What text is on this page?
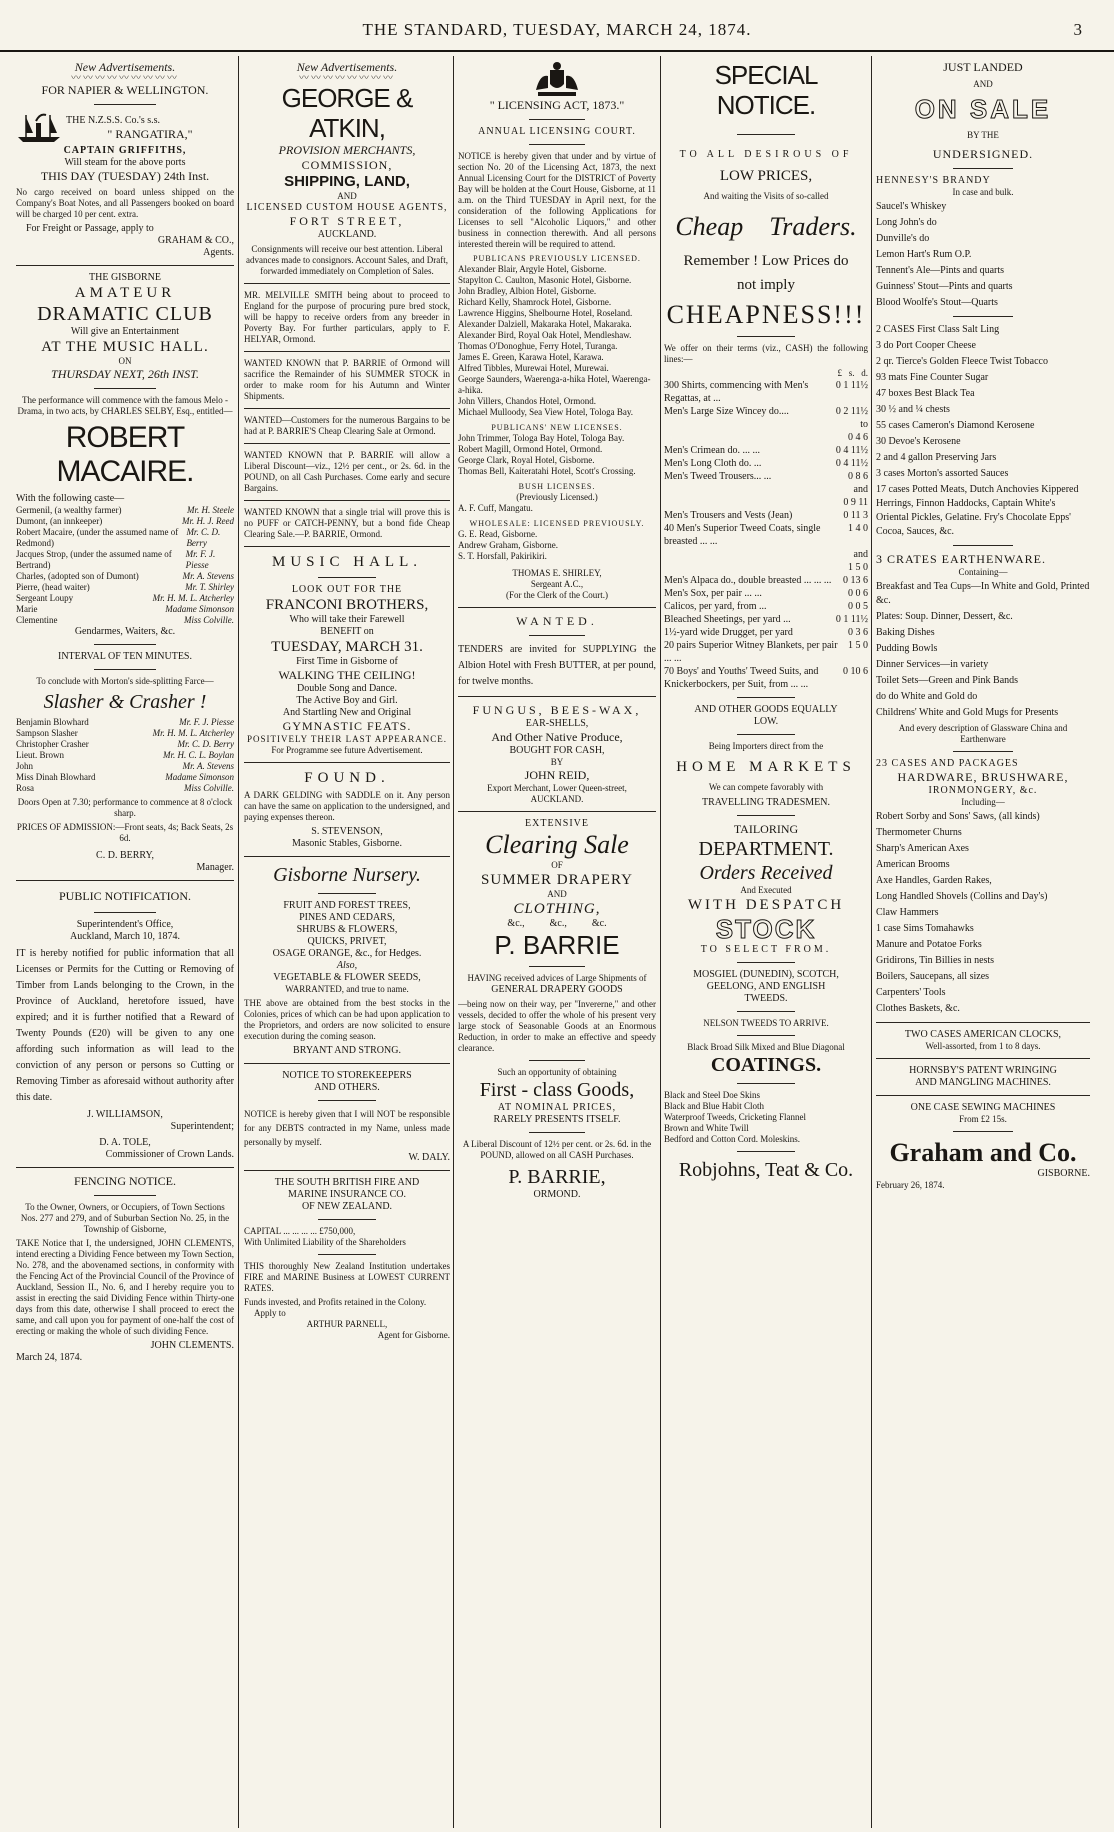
THE STANDARD, TUESDAY, MARCH 24, 1874.	3
New Advertisements.
〰〰〰〰〰〰〰〰〰
FOR NAPIER & WELLINGTON.
THE N.Z.S.S. Co.'s s.s.
" RANGATIRA,"
CAPTAIN GRIFFITHS,
Will steam for the above ports
THIS DAY (TUESDAY) 24th Inst.
No cargo received on board unless shipped on the Company's Boat Notes, and all Passengers booked on board will be charged 10 per cent. extra.
For Freight or Passage, apply to
GRAHAM & CO.,
Agents.
THE GISBORNE
AMATEUR
DRAMATIC CLUB
Will give an Entertainment
AT THE MUSIC HALL.
ON
THURSDAY NEXT, 26th INST.
The performance will commence with the famous Melo - Drama, in two acts, by CHARLES SELBY, Esq., entitled—
ROBERT MACAIRE.
With the following caste—
Germenil, (a wealthy farmer)	Mr. H. Steele
Dumont, (an innkeeper)	Mr. H. J. Reed
Robert Macaire, (under the assumed name of Redmond)
Mr. C. D. Berry
Jacques Strop, (under the assumed name of Bertrand)
Mr. F. J. Piesse
Charles, (adopted son of Dumont)	Mr. A. Stevens
Pierre, (head waiter)	Mr. T. Shirley
Sergeant Loupy	Mr. H. M. L. Atcherley
Marie	Madame Simonson
Clementine	Miss Colville.
Gendarmes, Waiters, &c.
INTERVAL OF TEN MINUTES.
To conclude with Morton's side-splitting Farce—
Slasher & Crasher !
Benjamin Blowhard	Mr. F. J. Piesse
Sampson Slasher	Mr. H. M. L. Atcherley
Christopher Crasher	Mr. C. D. Berry
Lieut. Brown	Mr. H. C. L. Boylan
John	Mr. A. Stevens
Miss Dinah Blowhard	Madame Simonson
Rosa	Miss Colville.
Doors Open at 7.30; performance to commence at 8 o'clock sharp.
PRICES OF ADMISSION:—Front seats, 4s; Back Seats, 2s 6d.
C. D. BERRY,
Manager.
PUBLIC NOTIFICATION.
Superintendent's Office,
Auckland, March 10, 1874.
IT is hereby notified for public information that all Licenses or Permits for the Cutting or Removing of Timber from Lands belonging to the Crown, in the Province of Auckland, heretofore issued, have expired; and it is further notified that a Reward of Twenty Pounds (£20) will be given to any one affording such information as will lead to the conviction of any person or persons so Cutting or Removing Timber as aforesaid without authority after this date.
J. WILLIAMSON,
Superintendent;
D. A. TOLE,
Commissioner of Crown Lands.
FENCING NOTICE.
To the Owner, Owners, or Occupiers, of Town Sections Nos. 277 and 279, and of Suburban Section No. 25, in the Township of Gisborne,
TAKE Notice that I, the undersigned, JOHN CLEMENTS, intend erecting a Dividing Fence between my Town Section, No. 278, and the abovenamed sections, in conformity with the Fencing Act of the Provincial Council of the Province of Auckland, Session II., No. 6, and I hereby require you to assist in erecting the said Dividing Fence within Thirty-one days from this date, otherwise I shall proceed to erect the same, and call upon you for payment of one-half the cost of erecting or making the whole of such dividing Fence.
JOHN CLEMENTS.
March 24, 1874.
New Advertisements.
〰〰〰〰〰〰〰〰
GEORGE & ATKIN,
PROVISION MERCHANTS,
COMMISSION,
SHIPPING, LAND,
AND
LICENSED CUSTOM HOUSE AGENTS,
FORT STREET,
AUCKLAND.
Consignments will receive our best attention. Liberal advances made to consignors. Account Sales, and Draft, forwarded immediately on Completion of Sales.
MR. MELVILLE SMITH being about to proceed to England for the purpose of procuring pure bred stock, will be happy to receive orders from any breeder in Poverty Bay. For further particulars, apply to F. HELYAR, Ormond.
WANTED KNOWN that P. BARRIE of Ormond will sacrifice the Remainder of his SUMMER STOCK in order to make room for his Autumn and Winter Shipments.
WANTED—Customers for the numerous Bargains to be had at P. BARRIE'S Cheap Clearing Sale at Ormond.
WANTED KNOWN that P. BARRIE will allow a Liberal Discount—viz., 12½ per cent., or 2s. 6d. in the POUND, on all Cash Purchases. Come early and secure Bargains.
WANTED KNOWN that a single trial will prove this is no PUFF or CATCH-PENNY, but a bond fide Cheap Clearing Sale.—P. BARRIE, Ormond.
MUSIC HALL.
LOOK OUT FOR THE
FRANCONI BROTHERS,
Who will take their Farewell
BENEFIT on
TUESDAY, MARCH 31.
First Time in Gisborne of
WALKING THE CEILING!
Double Song and Dance.
The Active Boy and Girl.
And Startling New and Original
GYMNASTIC FEATS.
POSITIVELY THEIR LAST APPEARANCE.
For Programme see future Advertisement.
FOUND.
A DARK GELDING with SADDLE on it. Any person can have the same on application to the undersigned, and paying expenses thereon.
S. STEVENSON,
Masonic Stables, Gisborne.
Gisborne Nursery.
FRUIT AND FOREST TREES,
PINES AND CEDARS,
SHRUBS & FLOWERS,
QUICKS, PRIVET,
OSAGE ORANGE, &c., for Hedges.
Also,
VEGETABLE & FLOWER SEEDS,
WARRANTED, and true to name.
THE above are obtained from the best stocks in the Colonies, prices of which can be had upon application to the Proprietors, and orders are now solicited to ensure execution during the coming season.
BRYANT AND STRONG.
NOTICE TO STOREKEEPERS
AND OTHERS.
NOTICE is hereby given that I will NOT be responsible for any DEBTS contracted in my Name, unless made personally by myself.
W. DALY.
THE SOUTH BRITISH FIRE AND
MARINE INSURANCE CO.
OF NEW ZEALAND.
CAPITAL ... ... ... ... £750,000,
With Unlimited Liability of the Shareholders
THIS thoroughly New Zealand Institution undertakes FIRE and MARINE Business at LOWEST CURRENT RATES.
Funds invested, and Profits retained in the Colony.
Apply to
ARTHUR PARNELL,
Agent for Gisborne.
" LICENSING ACT, 1873."
ANNUAL LICENSING COURT.
NOTICE is hereby given that under and by virtue of section No. 20 of the Licensing Act, 1873, the next Annual Licensing Court for the DISTRICT of Poverty Bay will be holden at the Court House, Gisborne, at 11 a.m. on the Third TUESDAY in April next, for the consideration of the following Applications for Licenses to sell "Alcoholic Liquors," and other business in connection therewith. And all persons interested therein will be required to attend.
PUBLICANS PREVIOUSLY LICENSED.
Alexander Blair, Argyle Hotel, Gisborne.
Stapylton C. Caulton, Masonic Hotel, Gisborne.
John Bradley, Albion Hotel, Gisborne.
Richard Kelly, Shamrock Hotel, Gisborne.
Lawrence Higgins, Shelbourne Hotel, Roseland.
Alexander Dalziell, Makaraka Hotel, Makaraka.
Alexander Bird, Royal Oak Hotel, Mendleshaw.
Thomas O'Donoghue, Ferry Hotel, Turanga.
James E. Green, Karawa Hotel, Karawa.
Alfred Tibbles, Murewai Hotel, Murewai.
George Saunders, Waerenga-a-hika Hotel, Waerenga-a-hika.
John Villers, Chandos Hotel, Ormond.
Michael Mulloody, Sea View Hotel, Tologa Bay.
PUBLICANS' NEW LICENSES.
John Trimmer, Tologa Bay Hotel, Tologa Bay.
Robert Magill, Ormond Hotel, Ormond.
George Clark, Royal Hotel, Gisborne.
Thomas Bell, Kaiteratahi Hotel, Scott's Crossing.
BUSH LICENSES.
(Previously Licensed.)
A. F. Cuff, Mangatu.
WHOLESALE: LICENSED PREVIOUSLY.
G. E. Read, Gisborne.
Andrew Graham, Gisborne.
S. T. Horsfall, Pakirikiri.
THOMAS E. SHIRLEY,
Sergeant A.C.,
(For the Clerk of the Court.)
WANTED.
TENDERS are invited for SUPPLYING the Albion Hotel with Fresh BUTTER, at per pound, for twelve months.
FUNGUS, BEES-WAX,
EAR-SHELLS,
And Other Native Produce,
BOUGHT FOR CASH,
BY
JOHN REID,
Export Merchant, Lower Queen-street,
AUCKLAND.
EXTENSIVE
Clearing Sale
OF
SUMMER DRAPERY
AND
CLOTHING,
&c.,          &c.,          &c.
P. BARRIE
HAVING received advices of Large Shipments of
GENERAL DRAPERY GOODS
—being now on their way, per "Invererne," and other vessels, decided to offer the whole of his present very large stock of Seasonable Goods at an Enormous Reduction, in order to make an effective and speedy clearance.
Such an opportunity of obtaining
First - class Goods,
AT NOMINAL PRICES,
RARELY PRESENTS ITSELF.
A Liberal Discount of 12½ per cent. or 2s. 6d. in the POUND, allowed on all CASH Purchases.
P. BARRIE,
ORMOND.
SPECIAL NOTICE.
TO ALL DESIROUS OF
LOW PRICES,
And waiting the Visits of so-called
Cheap    Traders.
Remember ! Low Prices do
not imply
CHEAPNESS!!!
We offer on their terms (viz., CASH) the following lines:—
£   s.   d.
300 Shirts, commencing with Men's Regattas, at ...
0 1 11½
Men's Large Size Wincey do....	0 2 11½
to
0 4 6
Men's Crimean do. ... ...	0 4 11½
Men's Long Cloth do. ...	0 4 11½
Men's Tweed Trousers... ...	0 8 6
and
0 9 11
Men's Trousers and Vests (Jean)	0 11 3
40 Men's Superior Tweed Coats, single breasted ... ...
1 4 0
and
1 5 0
Men's Alpaca do., double breasted ... ... ...	0 13 6
Men's Sox, per pair ... ...	0 0 6
Calicos, per yard, from ...	0 0 5
Bleached Sheetings, per yard ...	0 1 11½
1½-yard wide Drugget, per yard	0 3 6
20 pairs Superior Witney Blankets, per pair ... ...
1 5 0
70 Boys' and Youths' Tweed Suits, and Knickerbockers, per Suit, from ... ...
0 10 6
AND OTHER GOODS EQUALLY
LOW.
Being Importers direct from the
HOME MARKETS
We can compete favorably with
TRAVELLING TRADESMEN.
TAILORING
DEPARTMENT.
Orders Received
And Executed
WITH DESPATCH
STOCK
TO SELECT FROM.
MOSGIEL (DUNEDIN), SCOTCH,
GEELONG, AND ENGLISH
TWEEDS.
NELSON TWEEDS TO ARRIVE.
Black Broad Silk Mixed and Blue Diagonal
COATINGS.
Black and Steel Doe Skins
Black and Blue Habit Cloth
Waterproof Tweeds, Cricketing Flannel
Brown and White Twill
Bedford and Cotton Cord. Moleskins.
Robjohns, Teat & Co.
JUST LANDED
AND
ON SALE
BY THE
UNDERSIGNED.
HENNESY'S BRANDY
In case and bulk.
Saucel's Whiskey
Long John's do
Dunville's do
Lemon Hart's Rum O.P.
Tennent's Ale—Pints and quarts
Guinness' Stout—Pints and quarts
Blood Woolfe's Stout—Quarts
2 CASES First Class Salt Ling
3 do Port Cooper Cheese
2 qr. Tierce's Golden Fleece Twist Tobacco
93 mats Fine Counter Sugar
47 boxes Best Black Tea
30 ½ and ¼ chests
55 cases Cameron's Diamond Kerosene
30 Devoe's Kerosene
2 and 4 gallon Preserving Jars
3 cases Morton's assorted Sauces
17 cases Potted Meats, Dutch Anchovies Kippered Herrings, Finnon Haddocks, Captain White's Oriental Pickles, Gelatine. Fry's Chocolate Epps' Cocoa, Sauces, &c.
3 CRATES EARTHENWARE.
Containing—
Breakfast and Tea Cups—In White and Gold, Printed &c.
Plates: Soup. Dinner, Dessert, &c.
Baking Dishes
Pudding Bowls
Dinner Services—in variety
Toilet Sets—Green and Pink Bands
do do White and Gold do
Childrens' White and Gold Mugs for Presents
And every description of Glassware China and Earthenware
23 CASES AND PACKAGES
HARDWARE, BRUSHWARE,
IRONMONGERY, &c.
Including—
Robert Sorby and Sons' Saws, (all kinds)
Thermometer Churns
Sharp's American Axes
American Brooms
Axe Handles, Garden Rakes,
Long Handled Shovels (Collins and Day's)
Claw Hammers
1 case Sims Tomahawks
Manure and Potatoe Forks
Gridirons, Tin Billies in nests
Boilers, Saucepans, all sizes
Carpenters' Tools
Clothes Baskets, &c.
TWO CASES AMERICAN CLOCKS,
Well-assorted, from 1 to 8 days.
HORNSBY'S PATENT WRINGING
AND MANGLING MACHINES.
ONE CASE SEWING MACHINES
From £2 15s.
Graham and Co.
GISBORNE.
February 26, 1874.
